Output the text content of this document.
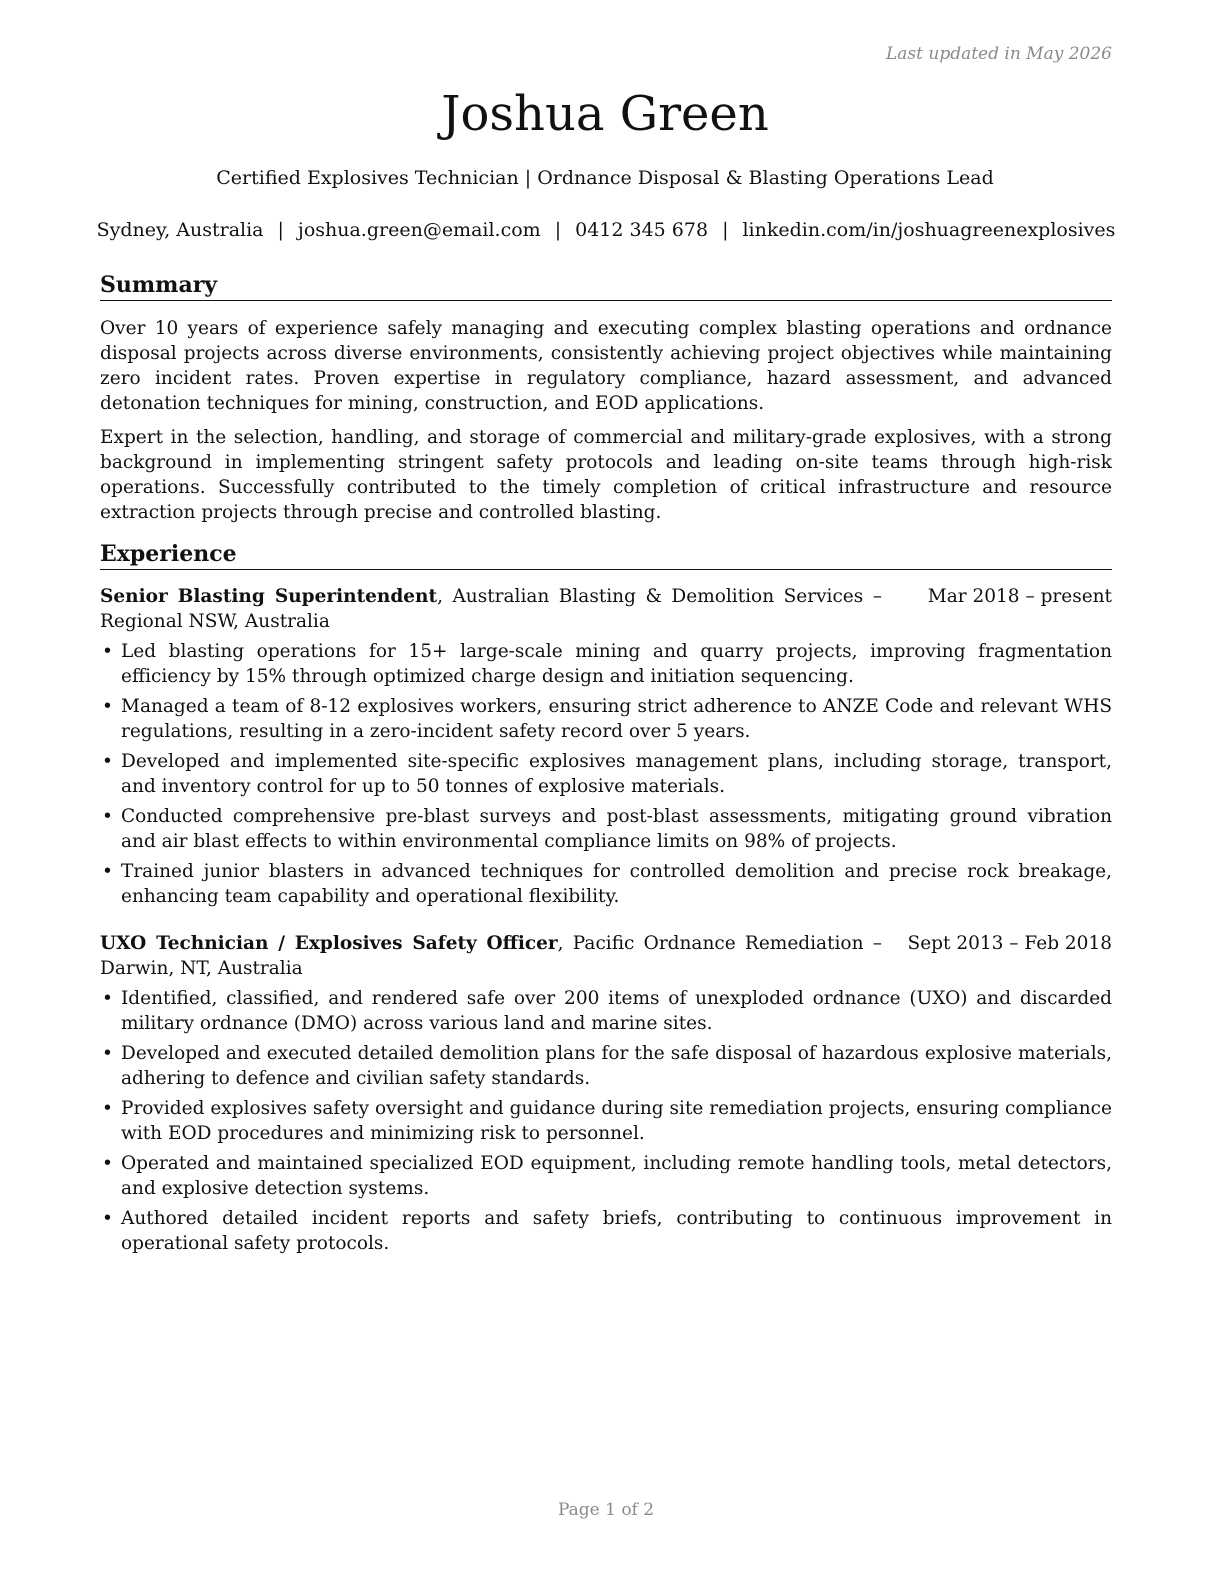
Last updated in May 2026
Joshua Green
Certified Explosives Technician | Ordnance Disposal & Blasting Operations Lead
Sydney, Australia | joshua.green@email.com | 0412 345 678 | linkedin.com/in/joshuagreenexplosives
Summary

Over 10 years of experience safely managing and executing complex blasting operations and ordnance disposal projects across diverse environments, consistently achieving project objectives while maintaining zero incident rates. Proven expertise in regulatory compliance, hazard assessment, and advanced detonation techniques for mining, construction, and EOD applications.

Expert in the selection, handling, and storage of commercial and military-grade explosives, with a strong background in implementing stringent safety protocols and leading on-site teams through high-risk operations. Successfully contributed to the timely completion of critical infrastructure and resource extraction projects through precise and controlled blasting.

Experience
Senior Blasting Superintendent, Australian Blasting & Demolition Services – Regional NSW, Australia
Mar 2018 – present
• Led blasting operations for 15+ large-scale mining and quarry projects, improving fragmentation efficiency by 15% through optimized charge design and initiation sequencing.
• Managed a team of 8-12 explosives workers, ensuring strict adherence to ANZE Code and relevant WHS regulations, resulting in a zero-incident safety record over 5 years.
• Developed and implemented site-specific explosives management plans, including storage, transport, and inventory control for up to 50 tonnes of explosive materials.
• Conducted comprehensive pre-blast surveys and post-blast assessments, mitigating ground vibration and air blast effects to within environmental compliance limits on 98% of projects.
• Trained junior blasters in advanced techniques for controlled demolition and precise rock breakage, enhancing team capability and operational flexibility.
UXO Technician / Explosives Safety Officer, Pacific Ordnance Remediation – Darwin, NT, Australia
Sept 2013 – Feb 2018
• Identified, classified, and rendered safe over 200 items of unexploded ordnance (UXO) and discarded military ordnance (DMO) across various land and marine sites.
• Developed and executed detailed demolition plans for the safe disposal of hazardous explosive materials, adhering to defence and civilian safety standards.
• Provided explosives safety oversight and guidance during site remediation projects, ensuring compliance with EOD procedures and minimizing risk to personnel.
• Operated and maintained specialized EOD equipment, including remote handling tools, metal detectors, and explosive detection systems.
• Authored detailed incident reports and safety briefs, contributing to continuous improvement in operational safety protocols.
Page 1 of 2
